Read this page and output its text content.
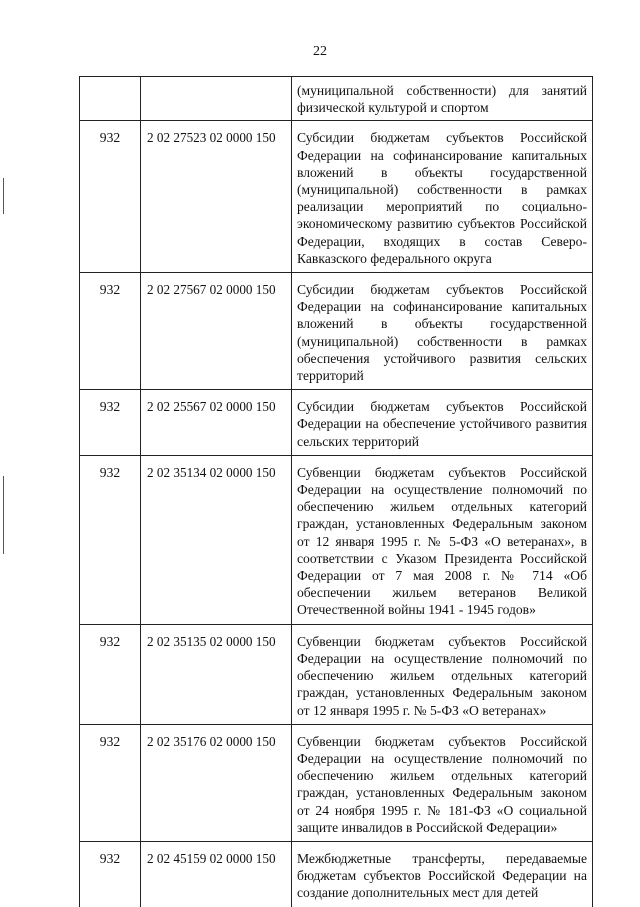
22
		(муниципальной собственности) для занятий физической культурой и спортом
932	2 02 27523 02 0000 150	Субсидии бюджетам субъектов Российской Федерации на софинансирование капитальных вложений в объекты государственной (муниципальной) собственности в рамках реализации мероприятий по социально-экономическому развитию субъектов Российской Федерации, входящих в состав Северо-Кавказского федерального округа
932	2 02 27567 02 0000 150	Субсидии бюджетам субъектов Российской Федерации на софинансирование капитальных вложений в объекты государственной (муниципальной) собственности в рамках обеспечения устойчивого развития сельских территорий
932	2 02 25567 02 0000 150	Субсидии бюджетам субъектов Российской Федерации на обеспечение устойчивого развития сельских территорий
932	2 02 35134 02 0000 150	Субвенции бюджетам субъектов Российской Федерации на осуществление полномочий по обеспечению жильем отдельных категорий граждан, установленных Федеральным законом от 12 января 1995 г. № 5-ФЗ «О ветеранах», в соответствии с Указом Президента Российской Федерации от 7 мая 2008 г. № 714 «Об обеспечении жильем ветеранов Великой Отечественной войны 1941 - 1945 годов»
932	2 02 35135 02 0000 150	Субвенции бюджетам субъектов Российской Федерации на осуществление полномочий по обеспечению жильем отдельных категорий граждан, установленных Федеральным законом от 12 января 1995 г. № 5-ФЗ «О ветеранах»
932	2 02 35176 02 0000 150	Субвенции бюджетам субъектов Российской Федерации на осуществление полномочий по обеспечению жильем отдельных категорий граждан, установленных Федеральным законом от 24 ноября 1995 г. № 181-ФЗ «О социальной защите инвалидов в Российской Федерации»
932	2 02 45159 02 0000 150	Межбюджетные трансферты, передаваемые бюджетам субъектов Российской Федерации на создание дополнительных мест для детей
